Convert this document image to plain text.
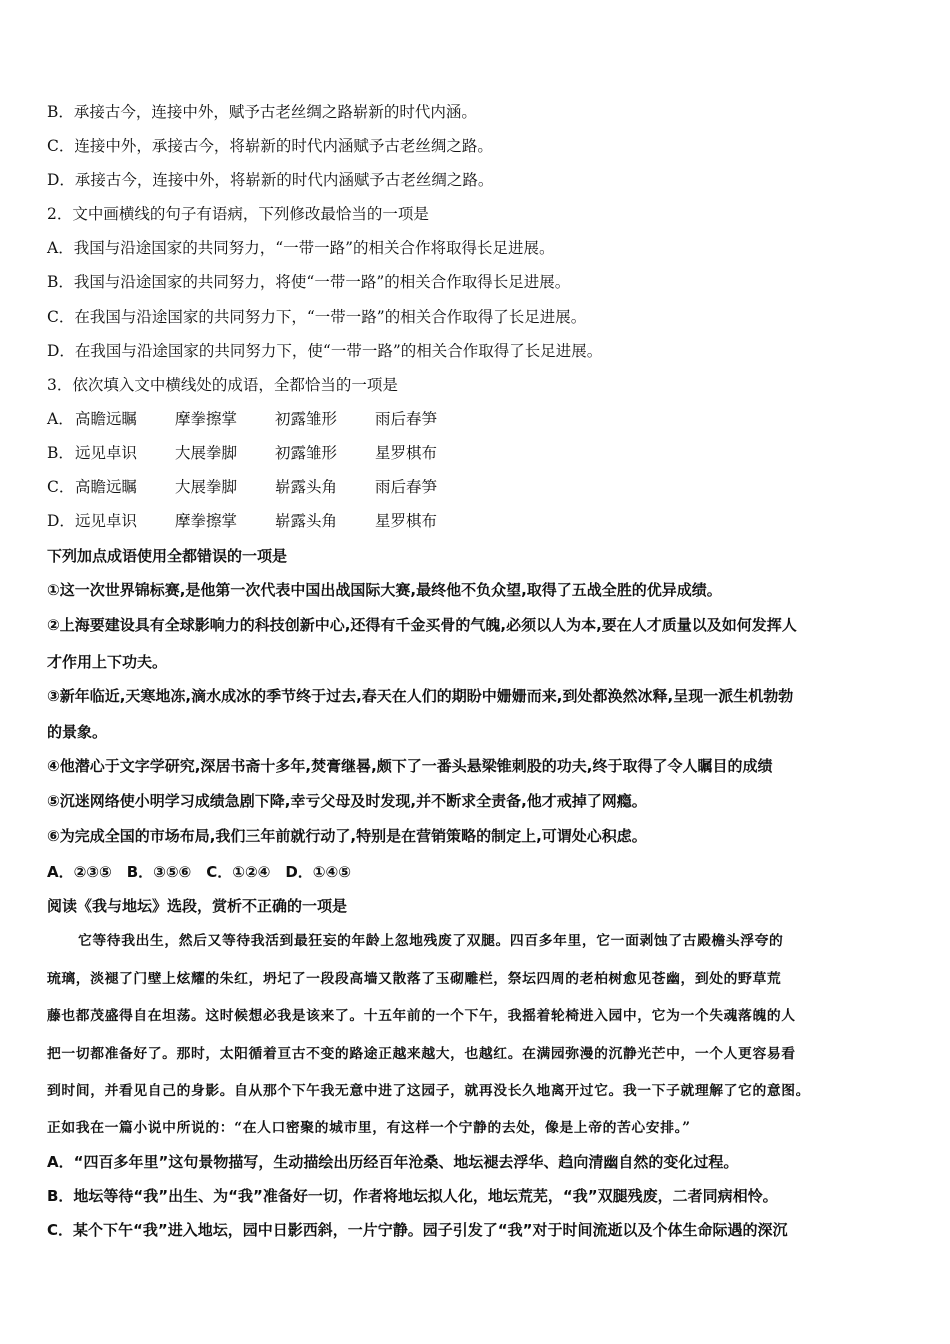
B．承接古今，连接中外，赋予古老丝绸之路崭新的时代内涵。
C．连接中外，承接古今，将崭新的时代内涵赋予古老丝绸之路。
D．承接古今，连接中外，将崭新的时代内涵赋予古老丝绸之路。
2．文中画横线的句子有语病，下列修改最恰当的一项是
A．我国与沿途国家的共同努力，“一带一路”的相关合作将取得长足进展。
B．我国与沿途国家的共同努力，将使“一带一路”的相关合作取得长足进展。
C．在我国与沿途国家的共同努力下，“一带一路”的相关合作取得了长足进展。
D．在我国与沿途国家的共同努力下，使“一带一路”的相关合作取得了长足进展。
3．依次填入文中横线处的成语，全都恰当的一项是
A．高瞻远瞩 摩拳擦掌 初露雏形 雨后春笋
B．远见卓识 大展拳脚 初露雏形 星罗棋布
C．高瞻远瞩 大展拳脚 崭露头角 雨后春笋
D．远见卓识 摩拳擦掌 崭露头角 星罗棋布
下列加点成语使用全都错误的一项是
①这一次世界锦标赛,是他第一次代表中国出战国际大赛,最终他不负众望,取得了五战全胜的优异成绩。
②上海要建设具有全球影响力的科技创新中心,还得有千金买骨的气魄,必须以人为本,要在人才质量以及如何发挥人
才作用上下功夫。
③新年临近,天寒地冻,滴水成冰的季节终于过去,春天在人们的期盼中姗姗而来,到处都涣然冰释,呈现一派生机勃勃
的景象。
④他潜心于文字学研究,深居书斋十多年,焚膏继晷,颇下了一番头悬梁锥刺股的功夫,终于取得了令人瞩目的成绩
⑤沉迷网络使小明学习成绩急剧下降,幸亏父母及时发现,并不断求全责备,他才戒掉了网瘾。
⑥为完成全国的市场布局,我们三年前就行动了,特别是在营销策略的制定上,可谓处心积虑。
A．②③⑤　B．③⑤⑥　C．①②④　D．①④⑤
阅读《我与地坛》选段，赏析不正确的一项是
它等待我出生，然后又等待我活到最狂妄的年龄上忽地残废了双腿。四百多年里，它一面剥蚀了古殿檐头浮夸的
琉璃，淡褪了门壁上炫耀的朱红，坍圮了一段段高墙又散落了玉砌雕栏，祭坛四周的老柏树愈见苍幽，到处的野草荒
藤也都茂盛得自在坦荡。这时候想必我是该来了。十五年前的一个下午，我摇着轮椅进入园中，它为一个失魂落魄的人
把一切都准备好了。那时，太阳循着亘古不变的路途正越来越大，也越红。在满园弥漫的沉静光芒中，一个人更容易看
到时间，并看见自己的身影。自从那个下午我无意中进了这园子，就再没长久地离开过它。我一下子就理解了它的意图。
正如我在一篇小说中所说的：“在人口密聚的城市里，有这样一个宁静的去处，像是上帝的苦心安排。”
A．“四百多年里”这句景物描写，生动描绘出历经百年沧桑、地坛褪去浮华、趋向清幽自然的变化过程。
B．地坛等待“我”出生、为“我”准备好一切，作者将地坛拟人化，地坛荒芜，“我”双腿残废，二者同病相怜。
C．某个下午“我”进入地坛，园中日影西斜，一片宁静。园子引发了“我”对于时间流逝以及个体生命际遇的深沉
